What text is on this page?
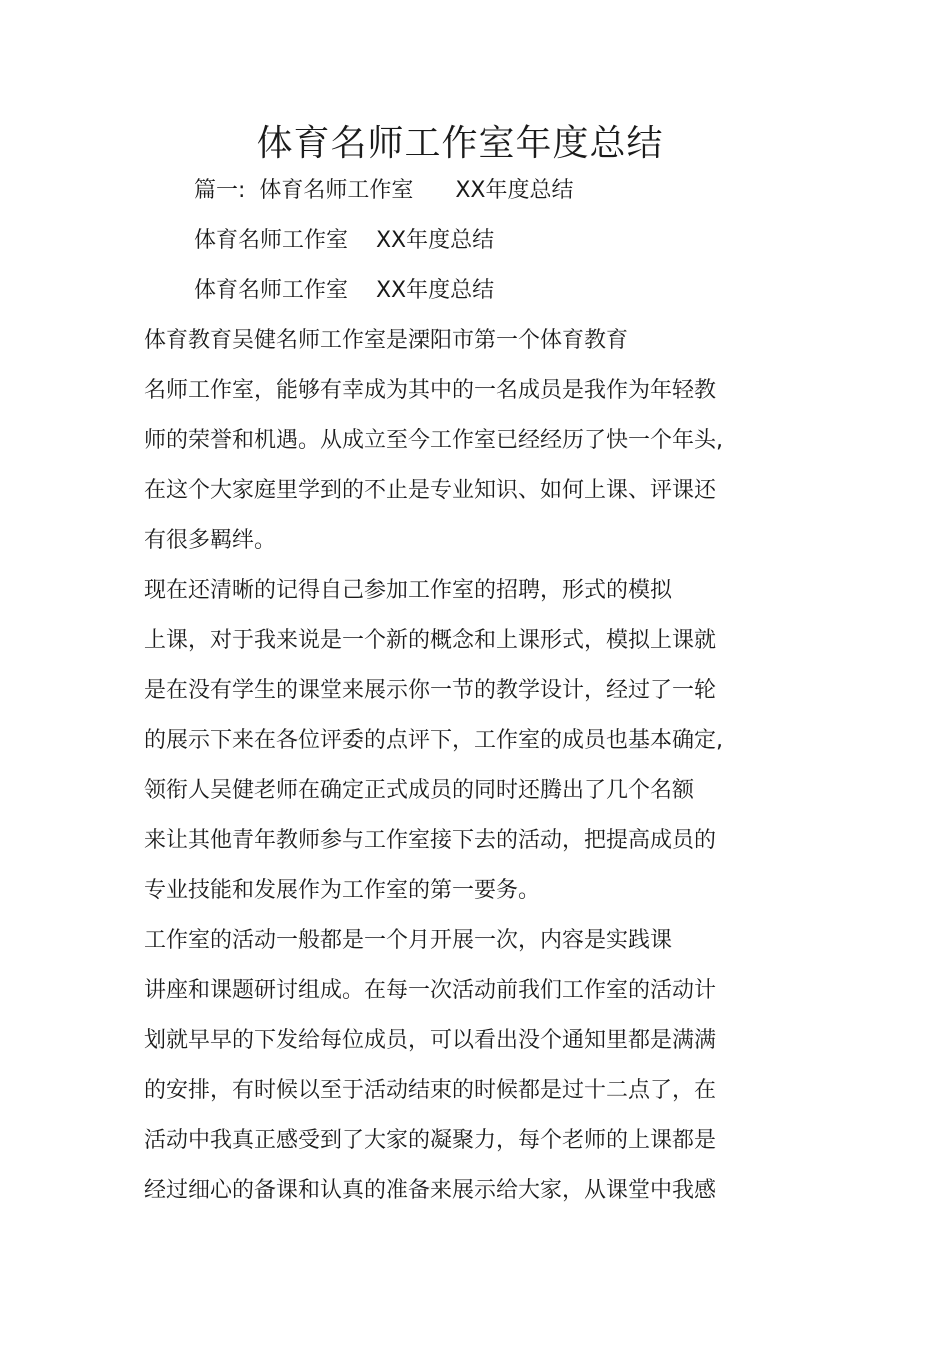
体育名师工作室年度总结
篇一:  体育名师工作室      XX年度总结
体育名师工作室    XX年度总结
体育名师工作室    XX年度总结
体育教育吴健名师工作室是溧阳市第一个体育教育
名师工作室，能够有幸成为其中的一名成员是我作为年轻教
师的荣誉和机遇。从成立至今工作室已经经历了快一个年头,
在这个大家庭里学到的不止是专业知识、如何上课、评课还
有很多羁绊。
现在还清晰的记得自己参加工作室的招聘，形式的模拟
上课，对于我来说是一个新的概念和上课形式，模拟上课就
是在没有学生的课堂来展示你一节的教学设计，经过了一轮
的展示下来在各位评委的点评下，工作室的成员也基本确定,
领衔人吴健老师在确定正式成员的同时还腾出了几个名额
来让其他青年教师参与工作室接下去的活动，把提高成员的
专业技能和发展作为工作室的第一要务。
工作室的活动一般都是一个月开展一次，内容是实践课
讲座和课题研讨组成。在每一次活动前我们工作室的活动计
划就早早的下发给每位成员，可以看出没个通知里都是满满
的安排，有时候以至于活动结束的时候都是过十二点了，在
活动中我真正感受到了大家的凝聚力，每个老师的上课都是
经过细心的备课和认真的准备来展示给大家，从课堂中我感
